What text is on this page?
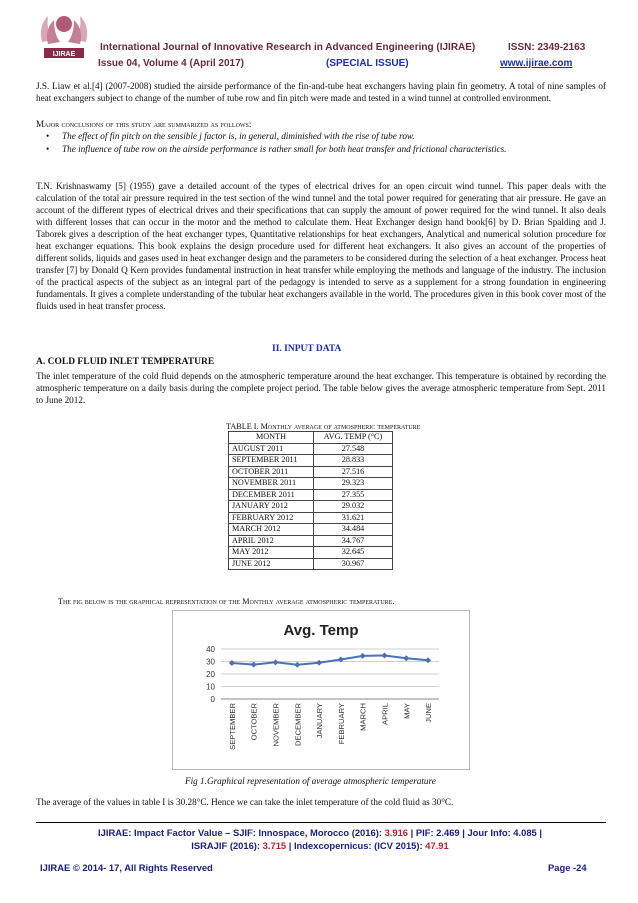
IJIRAE
International Journal of Innovative Research in Advanced Engineering (IJIRAE)	ISSN: 2349-2163
Issue 04, Volume 4 (April 2017)	(SPECIAL ISSUE)	www.ijirae.com
J.S. Liaw et al.[4] (2007-2008) studied the airside performance of the fin-and-tube heat exchangers having plain fin geometry. A total of nine samples of heat exchangers subject to change of the number of tube row and fin pitch were made and tested in a wind tunnel at controlled environment.
Major conclusions of this study are summarized as follows:
• The effect of fin pitch on the sensible j factor is, in general, diminished with the rise of tube row.
• The influence of tube row on the airside performance is rather small for both heat transfer and frictional characteristics.
T.N. Krishnaswamy [5] (1955) gave a detailed account of the types of electrical drives for an open circuit wind tunnel. This paper deals with the calculation of the total air pressure required in the test section of the wind tunnel and the total power required for generating that air pressure. He gave an account of the different types of electrical drives and their specifications that can supply the amount of power required for the wind tunnel. It also deals with different losses that can occur in the motor and the method to calculate them. Heat Exchanger design hand book[6] by D. Brian Spalding and J. Taborek gives a description of the heat exchanger types, Quantitative relationships for heat exchangers, Analytical and numerical solution procedure for heat exchanger equations. This book explains the design procedure used for different heat exchangers. It also gives an account of the properties of different solids, liquids and gases used in heat exchanger design and the parameters to be considered during the selection of a heat exchanger. Process heat transfer [7] by Donald Q Kern provides fundamental instruction in heat transfer while employing the methods and language of the industry. The inclusion of the practical aspects of the subject as an integral part of the pedagogy is intended to serve as a supplement for a strong foundation in engineering fundamentals. It gives a complete understanding of the tubular heat exchangers available in the world. The procedures given in this book cover most of the fluids used in heat transfer process.
II. INPUT DATA
A. COLD FLUID INLET TEMPERATURE
The inlet temperature of the cold fluid depends on the atmospheric temperature around the heat exchanger. This temperature is obtained by recording the atmospheric temperature on a daily basis during the complete project period. The table below gives the average atmospheric temperature from Sept. 2011 to June 2012.
TABLE I. Monthly average of atmospheric temperature
MONTH	AVG. TEMP (°C)
AUGUST 2011	27.548
SEPTEMBER 2011	28.833
OCTOBER 2011	27.516
NOVEMBER 2011	29.323
DECEMBER 2011	27.355
JANUARY 2012	29.032
FEBRUARY 2012	31.621
MARCH 2012	34.484
APRIL 2012	34.767
MAY 2012	32.645
JUNE 2012	30.967
The fig below is the graphical representation of the Monthly average atmospheric temperature.
Avg. Temp
0
10
20
30
40
SEPTEMBER OCTOBER NOVEMBER DECEMBER JANUARY FEBRUARY MARCH APRIL MAY JUNE
Fig 1.Graphical representation of average atmospheric temperature
The average of the values in table I is 30.28°C. Hence we can take the inlet temperature of the cold fluid as 30°C.
IJIRAE: Impact Factor Value – SJIF: Innospace, Morocco (2016): 3.916 | PIF: 2.469 | Jour Info: 4.085 |
ISRAJIF (2016): 3.715 | Indexcopernicus: (ICV 2015): 47.91
IJIRAE © 2014- 17, All Rights Reserved	Page -24
